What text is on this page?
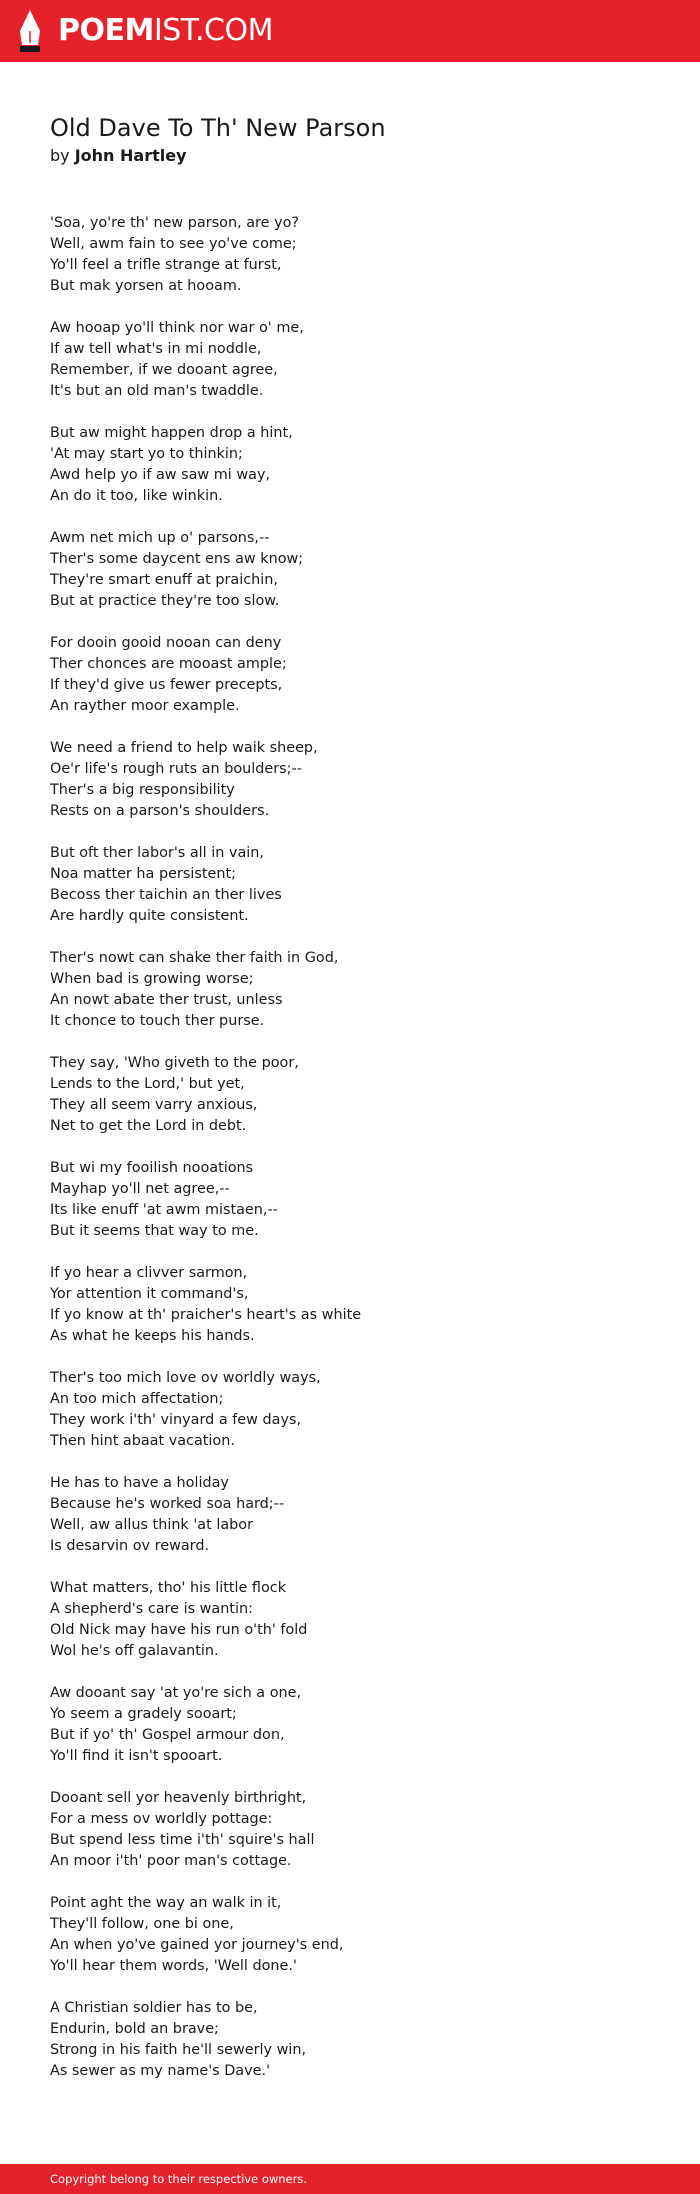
POEMIST.COM
Old Dave To Th' New Parson
by John Hartley
'Soa, yo're th' new parson, are yo?
Well, awm fain to see yo've come;
Yo'll feel a trifle strange at furst,
But mak yorsen at hooam.
Aw hooap yo'll think nor war o' me,
If aw tell what's in mi noddle,
Remember, if we dooant agree,
It's but an old man's twaddle.
But aw might happen drop a hint,
'At may start yo to thinkin;
Awd help yo if aw saw mi way,
An do it too, like winkin.
Awm net mich up o' parsons,--
Ther's some daycent ens aw know;
They're smart enuff at praichin,
But at practice they're too slow.
For dooin gooid nooan can deny
Ther chonces are mooast ample;
If they'd give us fewer precepts,
An rayther moor example.
We need a friend to help waik sheep,
Oe'r life's rough ruts an boulders;--
Ther's a big responsibility
Rests on a parson's shoulders.
But oft ther labor's all in vain,
Noa matter ha persistent;
Becoss ther taichin an ther lives
Are hardly quite consistent.
Ther's nowt can shake ther faith in God,
When bad is growing worse;
An nowt abate ther trust, unless
It chonce to touch ther purse.
They say, 'Who giveth to the poor,
Lends to the Lord,' but yet,
They all seem varry anxious,
Net to get the Lord in debt.
But wi my fooilish nooations
Mayhap yo'll net agree,--
Its like enuff 'at awm mistaen,--
But it seems that way to me.
If yo hear a clivver sarmon,
Yor attention it command's,
If yo know at th' praicher's heart's as white
As what he keeps his hands.
Ther's too mich love ov worldly ways,
An too mich affectation;
They work i'th' vinyard a few days,
Then hint abaat vacation.
He has to have a holiday
Because he's worked soa hard;--
Well, aw allus think 'at labor
Is desarvin ov reward.
What matters, tho' his little flock
A shepherd's care is wantin:
Old Nick may have his run o'th' fold
Wol he's off galavantin.
Aw dooant say 'at yo're sich a one,
Yo seem a gradely sooart;
But if yo' th' Gospel armour don,
Yo'll find it isn't spooart.
Dooant sell yor heavenly birthright,
For a mess ov worldly pottage:
But spend less time i'th' squire's hall
An moor i'th' poor man's cottage.
Point aght the way an walk in it,
They'll follow, one bi one,
An when yo've gained yor journey's end,
Yo'll hear them words, 'Well done.'
A Christian soldier has to be,
Endurin, bold an brave;
Strong in his faith he'll sewerly win,
As sewer as my name's Dave.'
Copyright belong to their respective owners.
